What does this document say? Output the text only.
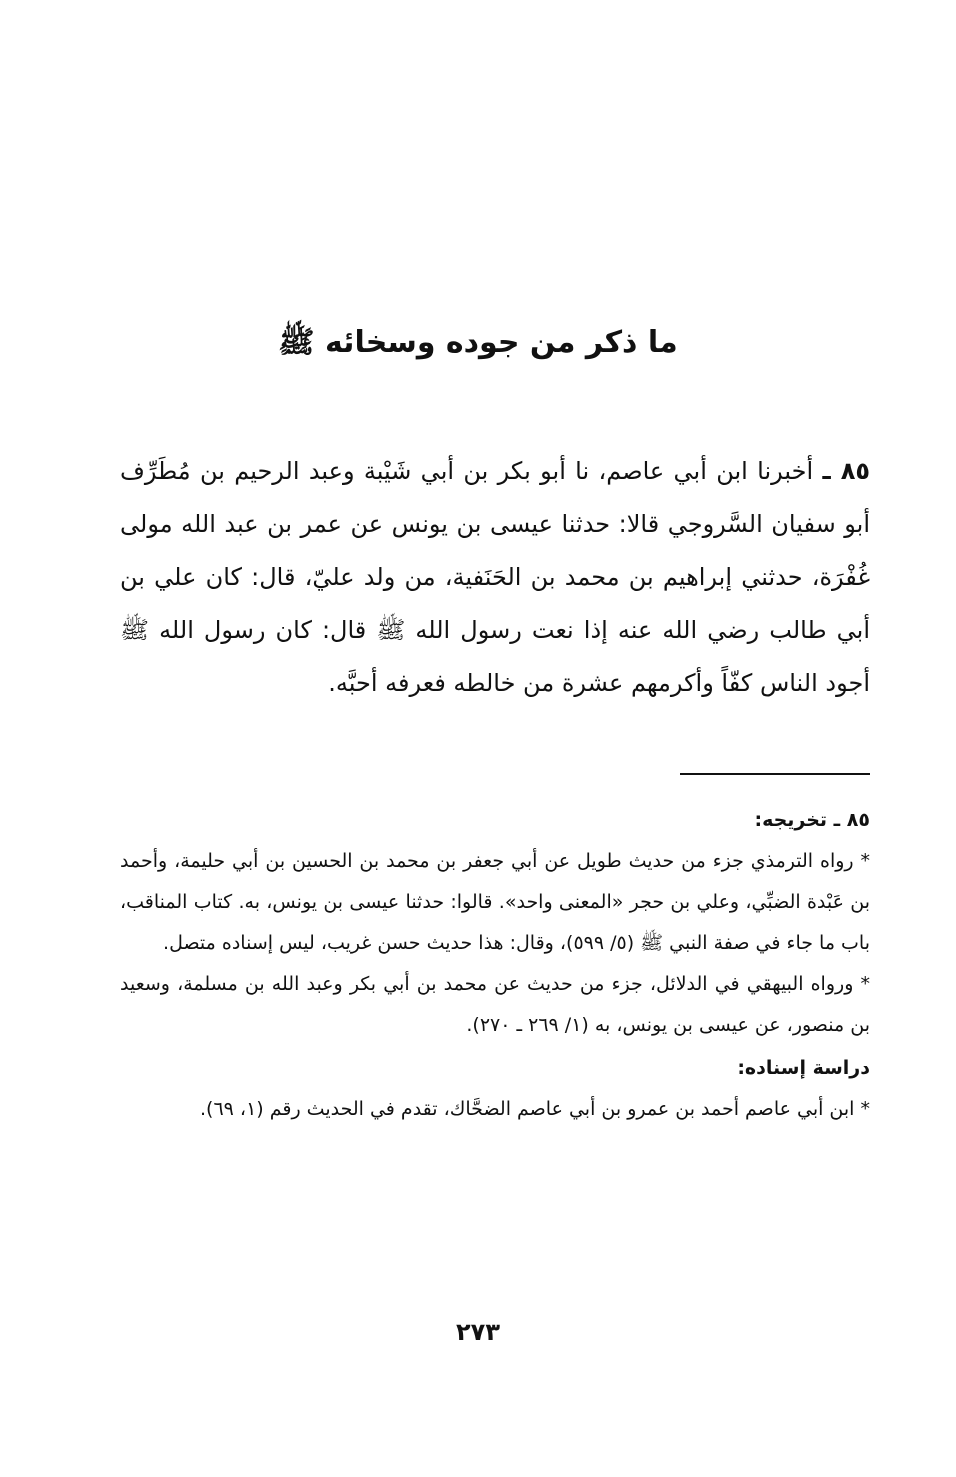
ما ذكر من جوده وسخائه ﷺ

٨٥ ـ أخبرنا ابن أبي عاصم، نا أبو بكر بن أبي شَيْبة وعبد الرحيم بن مُطَرِّف أبو سفيان السَّروجي قالا: حدثنا عيسى بن يونس عن عمر بن عبد الله مولى غُفْرَة، حدثني إبراهيم بن محمد بن الحَنَفية، من ولد عليّ، قال: كان علي بن أبي طالب رضي الله عنه إذا نعت رسول الله ﷺ قال: كان رسول الله ﷺ أجود الناس كفّاً وأكرمهم عشرة من خالطه فعرفه أحبَّه.

٨٥ ـ تخريجه:

* رواه الترمذي جزء من حديث طويل عن أبي جعفر بن محمد بن الحسين بن أبي حليمة، وأحمد بن عَبْدة الضبِّي، وعلي بن حجر «المعنى واحد». قالوا: حدثنا عيسى بن يونس، به. كتاب المناقب، باب ما جاء في صفة النبي ﷺ (٥/ ٥٩٩)، وقال: هذا حديث حسن غريب، ليس إسناده متصل.

* ورواه البيهقي في الدلائل، جزء من حديث عن محمد بن أبي بكر وعبد الله بن مسلمة، وسعيد بن منصور، عن عيسى بن يونس، به (١/ ٢٦٩ ـ ٢٧٠).

دراسة إسناده:

* ابن أبي عاصم أحمد بن عمرو بن أبي عاصم الضحَّاك، تقدم في الحديث رقم (١، ٦٩).

٢٧٣
